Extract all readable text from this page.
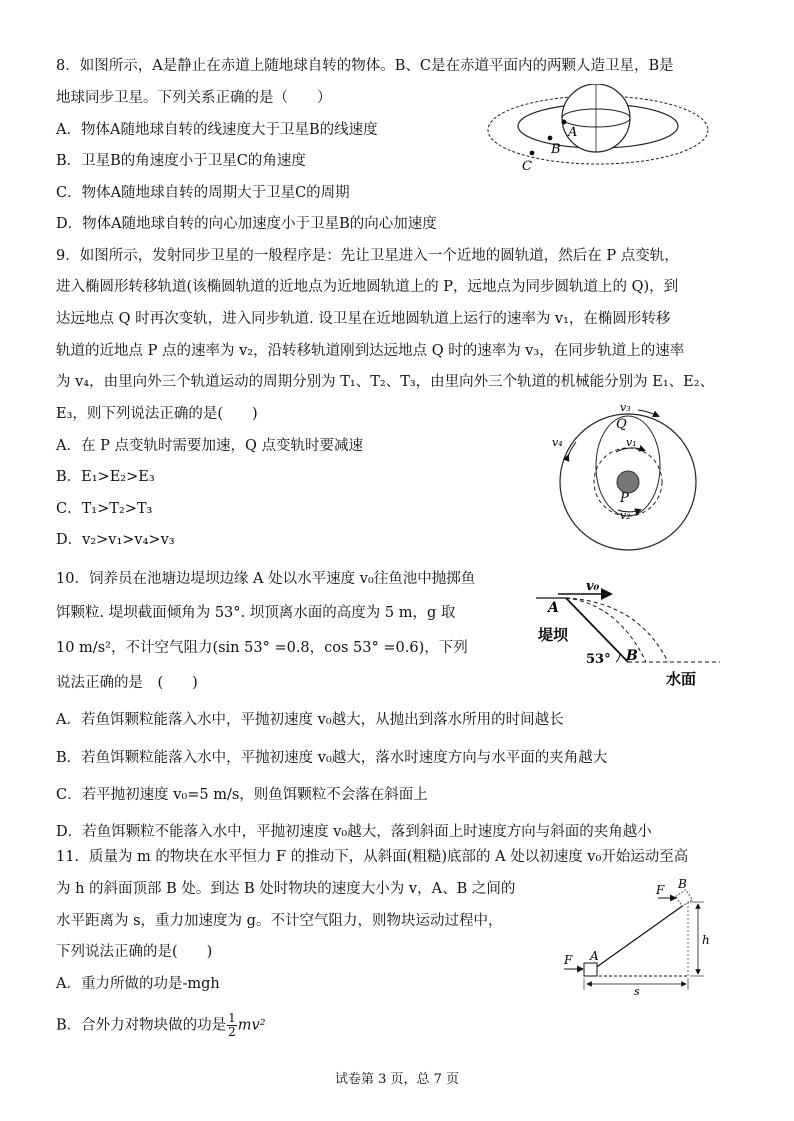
8．如图所示，A是静止在赤道上随地球自转的物体。B、C是在赤道平面内的两颗人造卫星，B是
地球同步卫星。下列关系正确的是（　　）
A．物体A随地球自转的线速度大于卫星B的线速度
B．卫星B的角速度小于卫星C的角速度
C．物体A随地球自转的周期大于卫星C的周期
D．物体A随地球自转的向心加速度小于卫星B的向心加速度
A
B
C
9．如图所示，发射同步卫星的一般程序是：先让卫星进入一个近地的圆轨道，然后在 P 点变轨，
进入椭圆形转移轨道(该椭圆轨道的近地点为近地圆轨道上的 P，远地点为同步圆轨道上的 Q)，到
达远地点 Q 时再次变轨，进入同步轨道. 设卫星在近地圆轨道上运行的速率为 v₁，在椭圆形转移
轨道的近地点 P 点的速率为 v₂，沿转移轨道刚到达远地点 Q 时的速率为 v₃，在同步轨道上的速率
为 v₄，由里向外三个轨道运动的周期分别为 T₁、T₂、T₃，由里向外三个轨道的机械能分别为 E₁、E₂、
E₃，则下列说法正确的是(　　)
A．在 P 点变轨时需要加速，Q 点变轨时要减速
B．E₁>E₂>E₃
C．T₁>T₂>T₃
D．v₂>v₁>v₄>v₃
v₃
v₄
Q
v₁
P
v₂
10．饲养员在池塘边堤坝边缘 A 处以水平速度 v₀往鱼池中抛掷鱼
饵颗粒. 堤坝截面倾角为 53°. 坝顶离水面的高度为 5 m，g 取
10 m/s²，不计空气阻力(sin 53° =0.8，cos 53° =0.6)，下列
说法正确的是　(　　)
A．若鱼饵颗粒能落入水中，平抛初速度 v₀越大，从抛出到落水所用的时间越长
B．若鱼饵颗粒能落入水中，平抛初速度 v₀越大，落水时速度方向与水平面的夹角越大
C．若平抛初速度 v₀=5 m/s，则鱼饵颗粒不会落在斜面上
D．若鱼饵颗粒不能落入水中，平抛初速度 v₀越大，落到斜面上时速度方向与斜面的夹角越小
v₀
A
堤坝
53° B
水面
11．质量为 m 的物块在水平恒力 F 的推动下，从斜面(粗糙)底部的 A 处以初速度 v₀开始运动至高
为 h 的斜面顶部 B 处。到达 B 处时物块的速度大小为 v，A、B 之间的
水平距离为 s，重力加速度为 g。不计空气阻力，则物块运动过程中，
下列说法正确的是(　　)
A．重力所做的功是-mgh
B．合外力对物块做的功是 $\frac{1}{2} mv^2$
F B
F A
h
s
试卷第 3 页，总 7 页
